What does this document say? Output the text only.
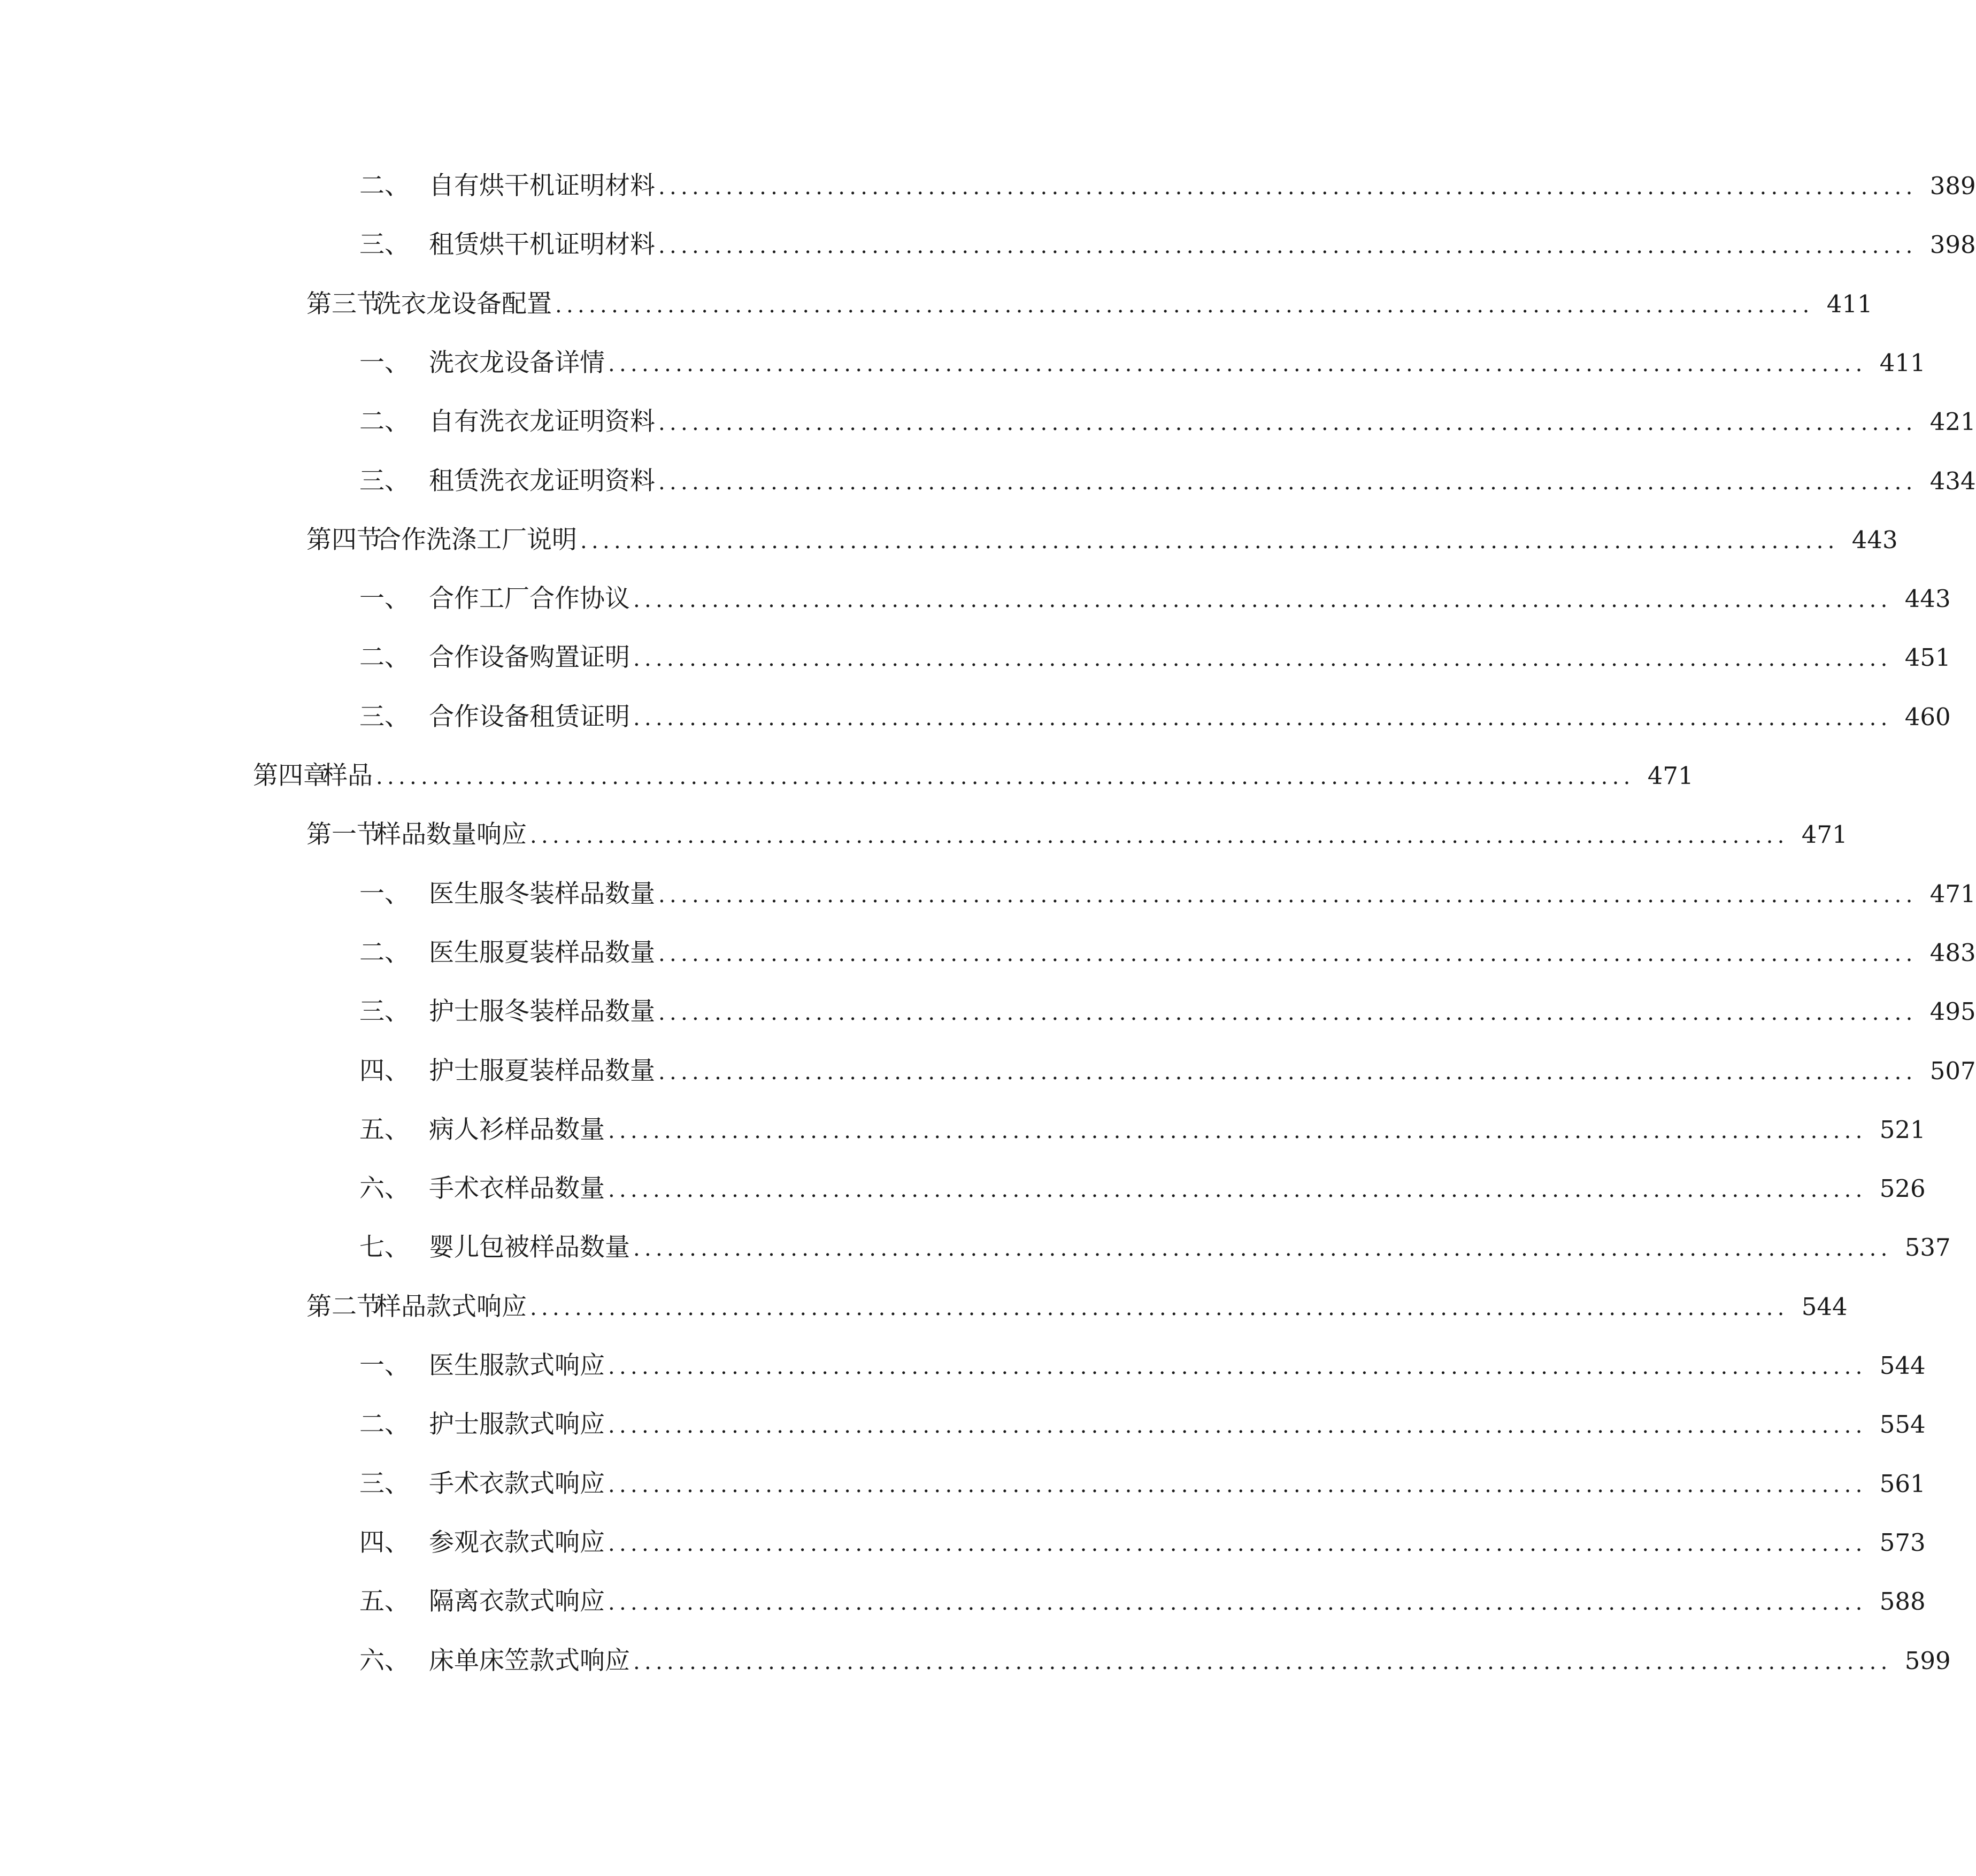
二、 自有烘干机证明材料 ................................................................................................................ 389
三、 租赁烘干机证明材料 ................................................................................................................ 398
第三节
洗衣龙设备配置 ................................................................................................................ 411
一、 洗衣龙设备详情 ................................................................................................................ 411
二、 自有洗衣龙证明资料 ................................................................................................................ 421
三、 租赁洗衣龙证明资料 ................................................................................................................ 434
第四节
合作洗涤工厂说明 ................................................................................................................ 443
一、 合作工厂合作协议 ................................................................................................................ 443
二、 合作设备购置证明 ................................................................................................................ 451
三、 合作设备租赁证明 ................................................................................................................ 460
第四章
样品 ................................................................................................................ 471
第一节
样品数量响应 ................................................................................................................ 471
一、 医生服冬装样品数量 ................................................................................................................ 471
二、 医生服夏装样品数量 ................................................................................................................ 483
三、 护士服冬装样品数量 ................................................................................................................ 495
四、 护士服夏装样品数量 ................................................................................................................ 507
五、 病人衫样品数量 ................................................................................................................ 521
六、 手术衣样品数量 ................................................................................................................ 526
七、 婴儿包被样品数量 ................................................................................................................ 537
第二节
样品款式响应 ................................................................................................................ 544
一、 医生服款式响应 ................................................................................................................ 544
二、 护士服款式响应 ................................................................................................................ 554
三、 手术衣款式响应 ................................................................................................................ 561
四、 参观衣款式响应 ................................................................................................................ 573
五、 隔离衣款式响应 ................................................................................................................ 588
六、 床单床笠款式响应 ................................................................................................................ 599
